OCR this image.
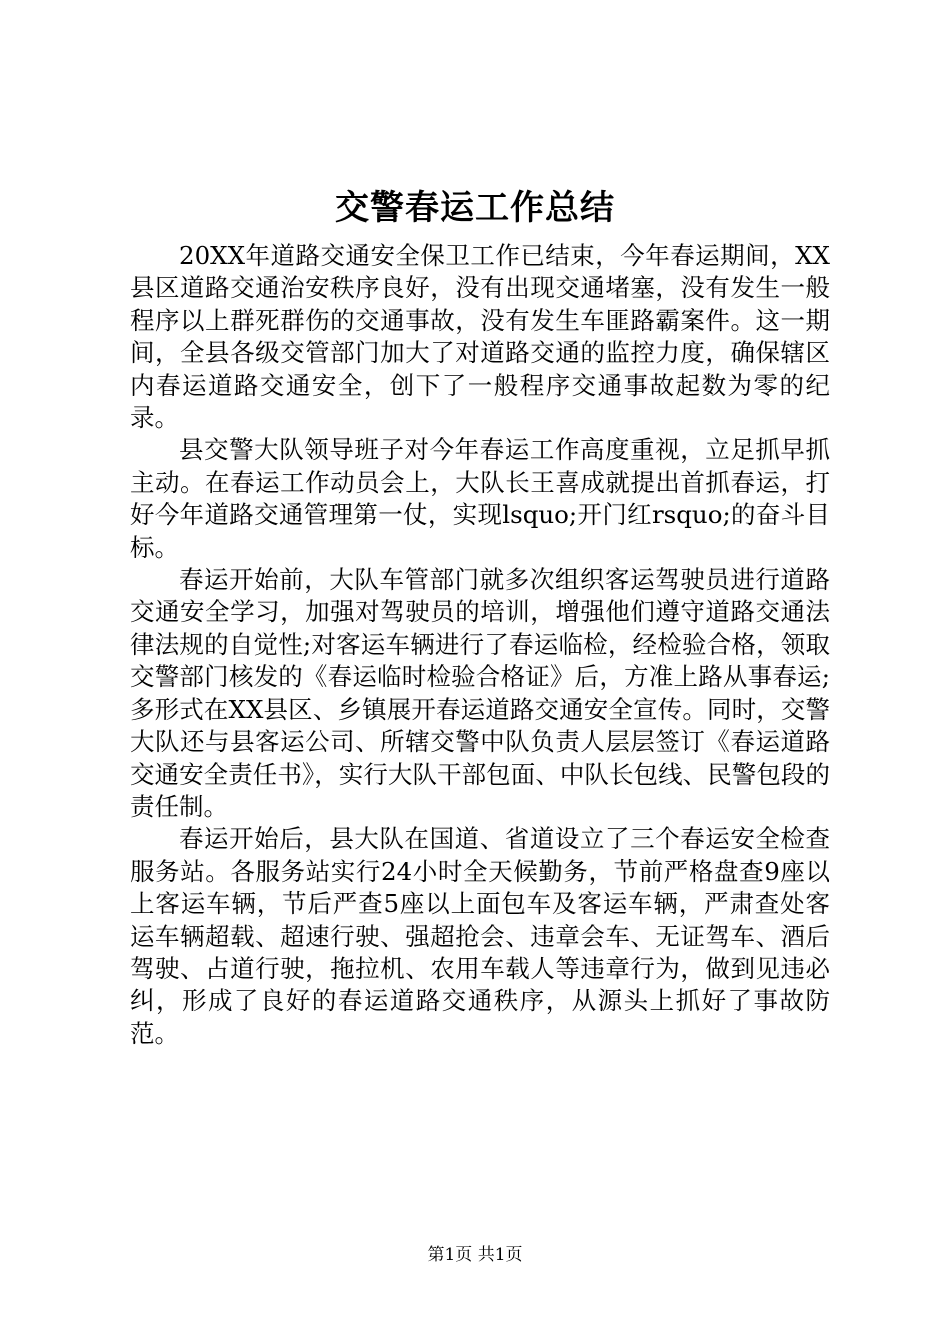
交警春运工作总结

20XX年道路交通安全保卫工作已结束，今年春运期间，XX县区道路交通治安秩序良好，没有出现交通堵塞，没有发生一般程序以上群死群伤的交通事故，没有发生车匪路霸案件。这一期间，全县各级交管部门加大了对道路交通的监控力度，确保辖区内春运道路交通安全，创下了一般程序交通事故起数为零的纪录。

县交警大队领导班子对今年春运工作高度重视，立足抓早抓主动。在春运工作动员会上，大队长王喜成就提出首抓春运，打好今年道路交通管理第一仗，实现lsquo;开门红rsquo;的奋斗目标。

春运开始前，大队车管部门就多次组织客运驾驶员进行道路交通安全学习，加强对驾驶员的培训，增强他们遵守道路交通法律法规的自觉性;对客运车辆进行了春运临检，经检验合格，领取交警部门核发的《春运临时检验合格证》后，方准上路从事春运;多形式在XX县区、乡镇展开春运道路交通安全宣传。同时，交警大队还与县客运公司、所辖交警中队负责人层层签订《春运道路交通安全责任书》，实行大队干部包面、中队长包线、民警包段的责任制。

春运开始后，县大队在国道、省道设立了三个春运安全检查服务站。各服务站实行24小时全天候勤务，节前严格盘查9座以上客运车辆，节后严查5座以上面包车及客运车辆，严肃查处客运车辆超载、超速行驶、强超抢会、违章会车、无证驾车、酒后驾驶、占道行驶，拖拉机、农用车载人等违章行为，做到见违必纠，形成了良好的春运道路交通秩序，从源头上抓好了事故防范。

第1页 共1页
